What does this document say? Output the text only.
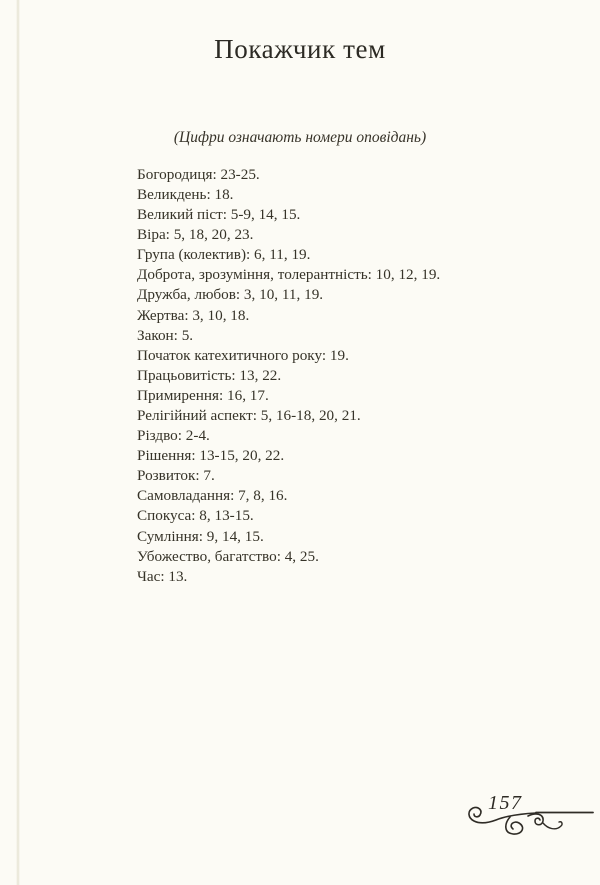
Покажчик тем

(Цифри означають номери оповідань)

Богородиця: 23-25.
Великдень: 18.
Великий піст: 5-9, 14, 15.
Віра: 5, 18, 20, 23.
Група (колектив): 6, 11, 19.
Доброта, зрозуміння, толерантність: 10, 12, 19.
Дружба, любов: 3, 10, 11, 19.
Жертва: 3, 10, 18.
Закон: 5.
Початок катехитичного року: 19.
Працьовитість: 13, 22.
Примирення: 16, 17.
Релігійний аспект: 5, 16-18, 20, 21.
Різдво: 2-4.
Рішення: 13-15, 20, 22.
Розвиток: 7.
Самовладання: 7, 8, 16.
Спокуса: 8, 13-15.
Сумління: 9, 14, 15.
Убожество, багатство: 4, 25.
Час: 13.
157
